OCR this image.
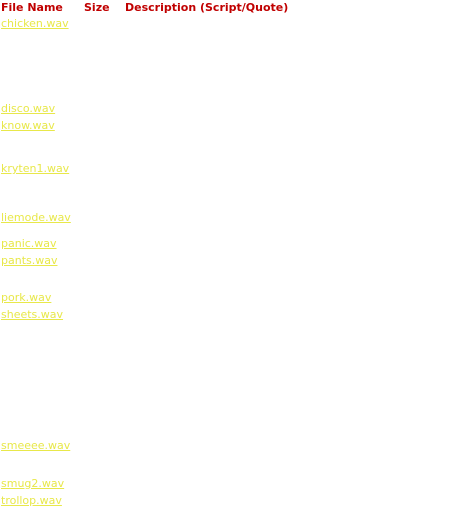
File Name Size Description (Script/Quote)
chicken.wav
disco.wav
know.wav
kryten1.wav
liemode.wav
panic.wav
pants.wav
pork.wav
sheets.wav
smeeee.wav
smug2.wav
trollop.wav
